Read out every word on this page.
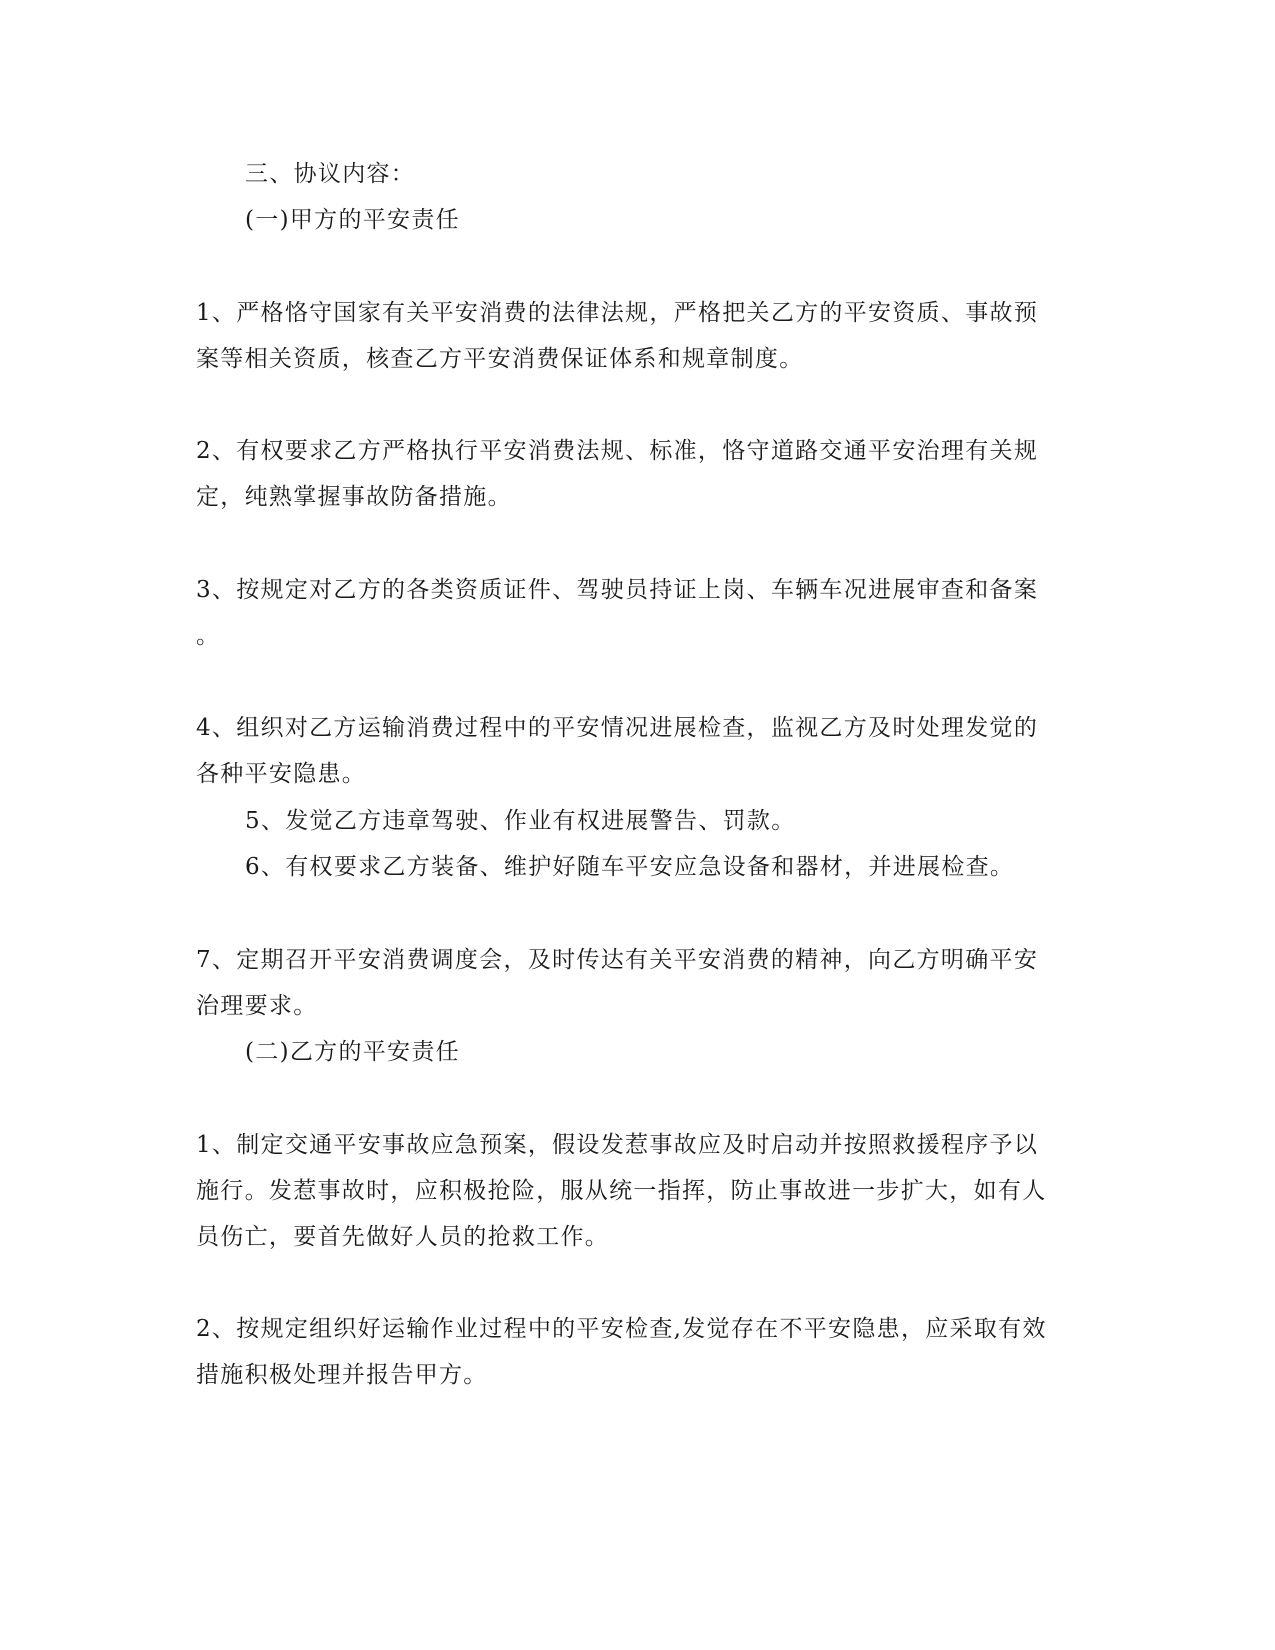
三、协议内容：
(一)甲方的平安责任
1、严格恪守国家有关平安消费的法律法规，严格把关乙方的平安资质、事故预
案等相关资质，核查乙方平安消费保证体系和规章制度。
2、有权要求乙方严格执行平安消费法规、标准，恪守道路交通平安治理有关规
定，纯熟掌握事故防备措施。
3、按规定对乙方的各类资质证件、驾驶员持证上岗、车辆车况进展审查和备案
。
4、组织对乙方运输消费过程中的平安情况进展检查，监视乙方及时处理发觉的
各种平安隐患。
5、发觉乙方违章驾驶、作业有权进展警告、罚款。
6、有权要求乙方装备、维护好随车平安应急设备和器材，并进展检查。
7、定期召开平安消费调度会，及时传达有关平安消费的精神，向乙方明确平安
治理要求。
(二)乙方的平安责任
1、制定交通平安事故应急预案，假设发惹事故应及时启动并按照救援程序予以
施行。发惹事故时，应积极抢险，服从统一指挥，防止事故进一步扩大，如有人
员伤亡，要首先做好人员的抢救工作。
2、按规定组织好运输作业过程中的平安检查,发觉存在不平安隐患，应采取有效
措施积极处理并报告甲方。
